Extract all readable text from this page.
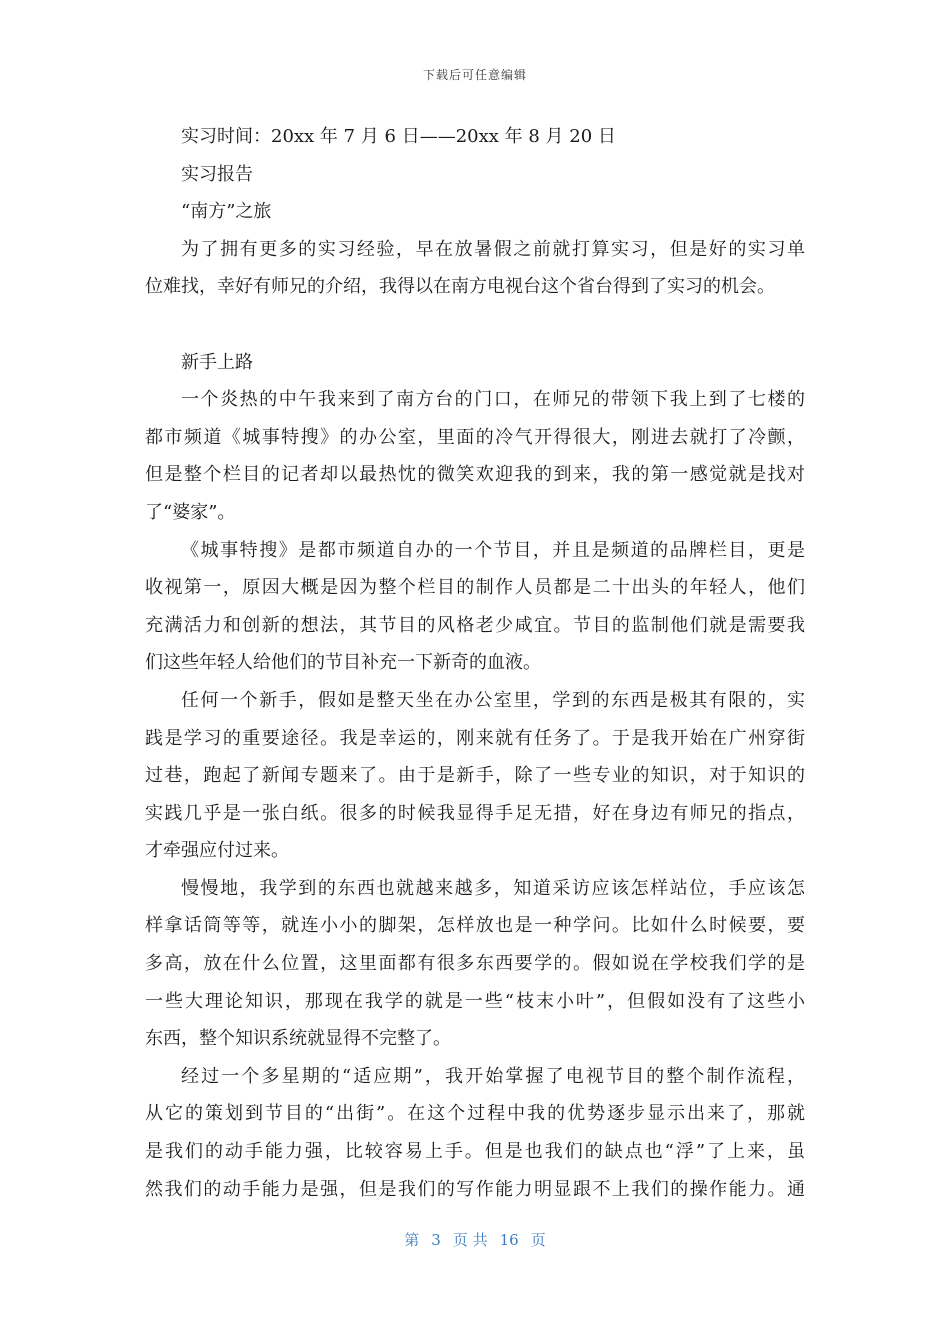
下载后可任意编辑
实习时间：20xx 年 7 月 6 日——20xx 年 8 月 20 日
实习报告
“南方”之旅
为了拥有更多的实习经验，早在放暑假之前就打算实习，但是好的实习单
位难找，幸好有师兄的介绍，我得以在南方电视台这个省台得到了实习的机会。
新手上路
一个炎热的中午我来到了南方台的门口，在师兄的带领下我上到了七楼的
都市频道《城事特搜》的办公室，里面的冷气开得很大，刚进去就打了冷颤，
但是整个栏目的记者却以最热忱的微笑欢迎我的到来，我的第一感觉就是找对
了“婆家”。
《城事特搜》是都市频道自办的一个节目，并且是频道的品牌栏目，更是
收视第一，原因大概是因为整个栏目的制作人员都是二十出头的年轻人，他们
充满活力和创新的想法，其节目的风格老少咸宜。节目的监制他们就是需要我
们这些年轻人给他们的节目补充一下新奇的血液。
任何一个新手，假如是整天坐在办公室里，学到的东西是极其有限的，实
践是学习的重要途径。我是幸运的，刚来就有任务了。于是我开始在广州穿街
过巷，跑起了新闻专题来了。由于是新手，除了一些专业的知识，对于知识的
实践几乎是一张白纸。很多的时候我显得手足无措，好在身边有师兄的指点，
才牵强应付过来。
慢慢地，我学到的东西也就越来越多，知道采访应该怎样站位，手应该怎
样拿话筒等等，就连小小的脚架，怎样放也是一种学问。比如什么时候要，要
多高，放在什么位置，这里面都有很多东西要学的。假如说在学校我们学的是
一些大理论知识，那现在我学的就是一些“枝末小叶”，但假如没有了这些小
东西，整个知识系统就显得不完整了。
经过一个多星期的“适应期”，我开始掌握了电视节目的整个制作流程，
从它的策划到节目的“出街”。在这个过程中我的优势逐步显示出来了，那就
是我们的动手能力强，比较容易上手。但是也我们的缺点也“浮”了上来，虽
然我们的动手能力是强，但是我们的写作能力明显跟不上我们的操作能力。通
第 3 页 共 16 页
